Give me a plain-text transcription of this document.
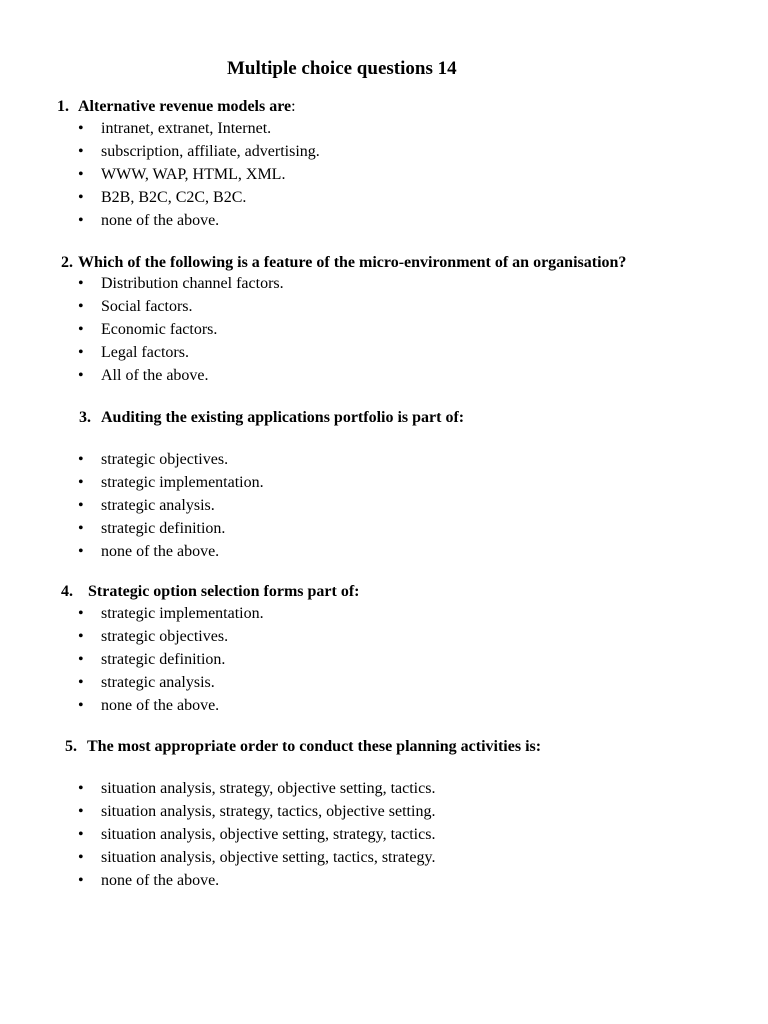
Multiple choice questions 14
1. Alternative revenue models are:
• intranet, extranet, Internet.
• subscription, affiliate, advertising.
• WWW, WAP, HTML, XML.
• B2B, B2C, C2C, B2C.
• none of the above.
2. Which of the following is a feature of the micro-environment of an organisation?
• Distribution channel factors.
• Social factors.
• Economic factors.
• Legal factors.
• All of the above.
3. Auditing the existing applications portfolio is part of:
• strategic objectives.
• strategic implementation.
• strategic analysis.
• strategic definition.
• none of the above.
4. Strategic option selection forms part of:
• strategic implementation.
• strategic objectives.
• strategic definition.
• strategic analysis.
• none of the above.
5. The most appropriate order to conduct these planning activities is:
• situation analysis, strategy, objective setting, tactics.
• situation analysis, strategy, tactics, objective setting.
• situation analysis, objective setting, strategy, tactics.
• situation analysis, objective setting, tactics, strategy.
• none of the above.
